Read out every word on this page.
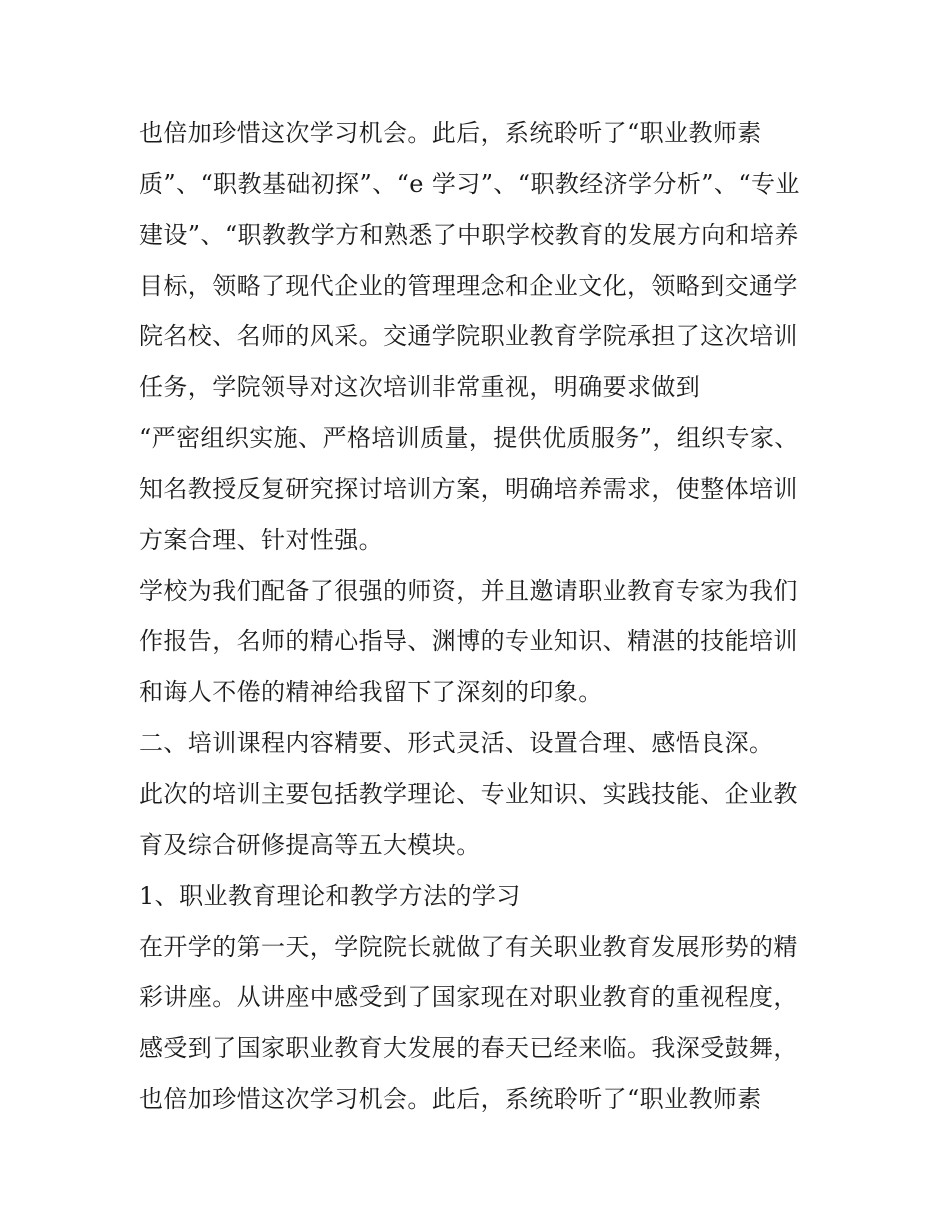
也倍加珍惜这次学习机会。此后，系统聆听了“职业教师素
质”、“职教基础初探”、“e 学习”、“职教经济学分析”、“专业
建设”、“职教教学方和熟悉了中职学校教育的发展方向和培养
目标，领略了现代企业的管理理念和企业文化，领略到交通学
院名校、名师的风采。交通学院职业教育学院承担了这次培训
任务，学院领导对这次培训非常重视，明确要求做到
“严密组织实施、严格培训质量，提供优质服务”，组织专家、
知名教授反复研究探讨培训方案，明确培养需求，使整体培训
方案合理、针对性强。
学校为我们配备了很强的师资，并且邀请职业教育专家为我们
作报告，名师的精心指导、渊博的专业知识、精湛的技能培训
和诲人不倦的精神给我留下了深刻的印象。
二、培训课程内容精要、形式灵活、设置合理、感悟良深。
此次的培训主要包括教学理论、专业知识、实践技能、企业教
育及综合研修提高等五大模块。
1、职业教育理论和教学方法的学习
在开学的第一天，学院院长就做了有关职业教育发展形势的精
彩讲座。从讲座中感受到了国家现在对职业教育的重视程度，
感受到了国家职业教育大发展的春天已经来临。我深受鼓舞，
也倍加珍惜这次学习机会。此后，系统聆听了“职业教师素
